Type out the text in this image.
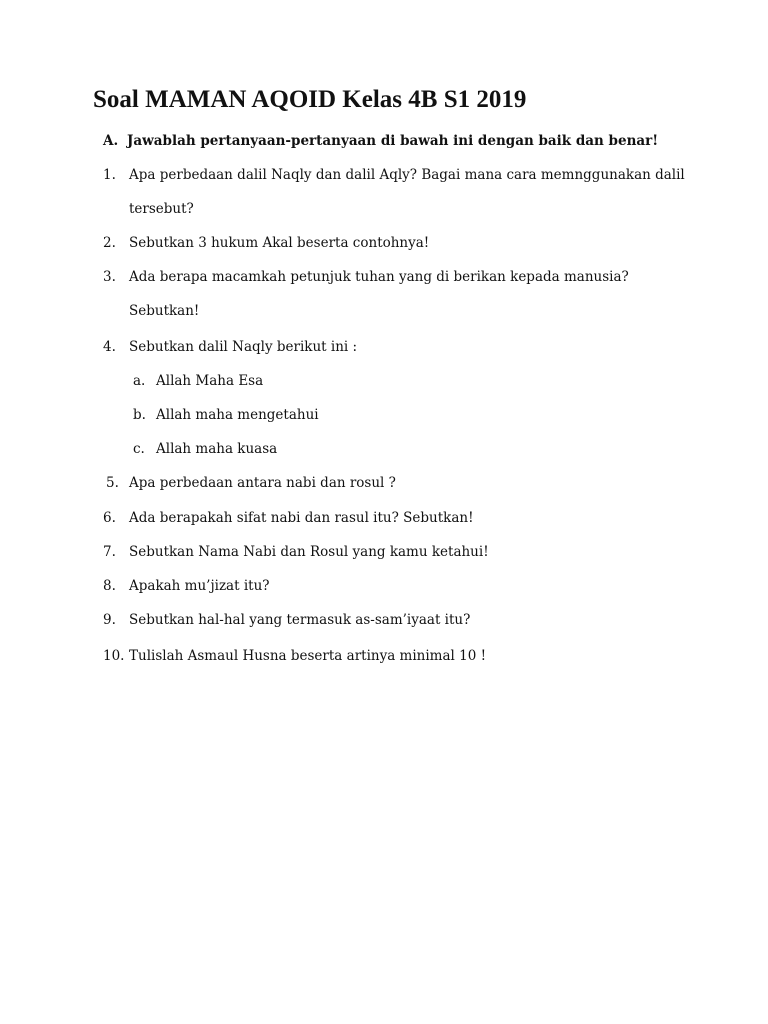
Soal MAMAN AQOID Kelas 4B S1 2019
A. Jawablah pertanyaan-pertanyaan di bawah ini dengan baik dan benar!
1. Apa perbedaan dalil Naqly dan dalil Aqly? Bagai mana cara memnggunakan dalil
tersebut?
2. Sebutkan 3 hukum Akal beserta contohnya!
3. Ada berapa macamkah petunjuk tuhan yang di berikan kepada manusia?
Sebutkan!
4. Sebutkan dalil Naqly berikut ini :
a. Allah Maha Esa
b. Allah maha mengetahui
c. Allah maha kuasa
5. Apa perbedaan antara nabi dan rosul ?
6. Ada berapakah sifat nabi dan rasul itu? Sebutkan!
7. Sebutkan Nama Nabi dan Rosul yang kamu ketahui!
8. Apakah mu’jizat itu?
9. Sebutkan hal-hal yang termasuk as-sam’iyaat itu?
10. Tulislah Asmaul Husna beserta artinya minimal 10 !
